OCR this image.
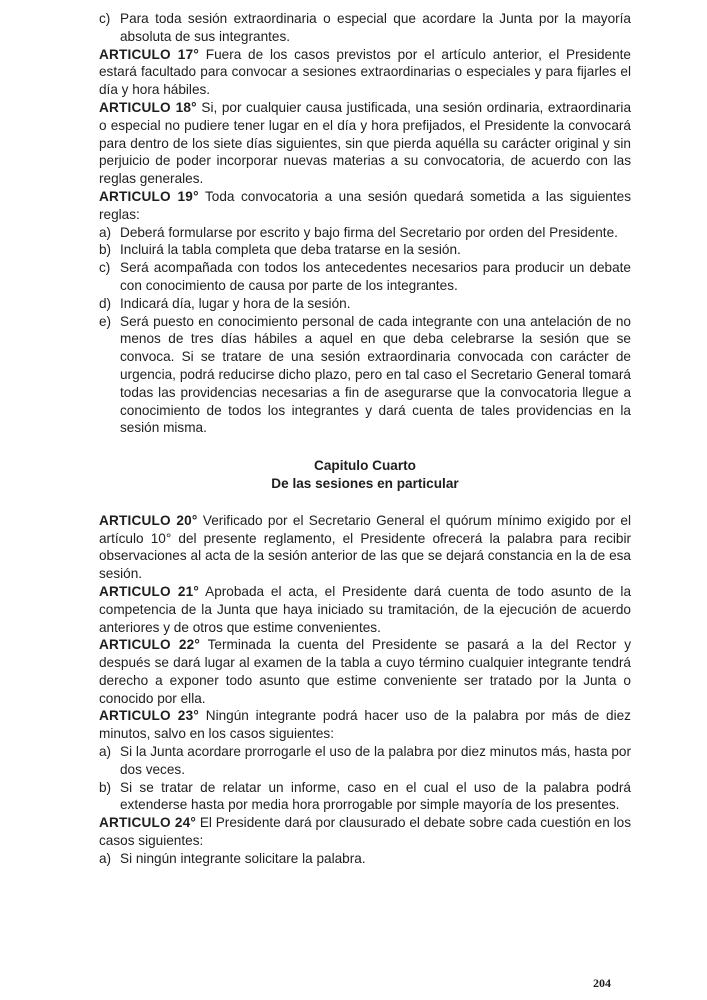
c) Para toda sesión extraordinaria o especial que acordare la Junta por la mayoría absoluta de sus integrantes.

ARTICULO 17° Fuera de los casos previstos por el artículo anterior, el Presidente estará facultado para convocar a sesiones extraordinarias o especiales y para fijarles el día y hora hábiles.

ARTICULO 18° Si, por cualquier causa justificada, una sesión ordinaria, extraordinaria o especial no pudiere tener lugar en el día y hora prefijados, el Presidente la convocará para dentro de los siete días siguientes, sin que pierda aquélla su carácter original y sin perjuicio de poder incorporar nuevas materias a su convocatoria, de acuerdo con las reglas generales.

ARTICULO 19° Toda convocatoria a una sesión quedará sometida a las siguientes reglas:

a) Deberá formularse por escrito y bajo firma del Secretario por orden del Presidente.

b) Incluirá la tabla completa que deba tratarse en la sesión.

c) Será acompañada con todos los antecedentes necesarios para producir un debate con conocimiento de causa por parte de los integrantes.

d) Indicará día, lugar y hora de la sesión.

e) Será puesto en conocimiento personal de cada integrante con una antelación de no menos de tres días hábiles a aquel en que deba celebrarse la sesión que se convoca. Si se tratare de una sesión extraordinaria convocada con carácter de urgencia, podrá reducirse dicho plazo, pero en tal caso el Secretario General tomará todas las providencias necesarias a fin de asegurarse que la convocatoria llegue a conocimiento de todos los integrantes y dará cuenta de tales providencias en la sesión misma.

Capitulo Cuarto

De las sesiones en particular

ARTICULO 20° Verificado por el Secretario General el quórum mínimo exigido por el artículo 10° del presente reglamento, el Presidente ofrecerá la palabra para recibir observaciones al acta de la sesión anterior de las que se dejará constancia en la de esa sesión.

ARTICULO 21° Aprobada el acta, el Presidente dará cuenta de todo asunto de la competencia de la Junta que haya iniciado su tramitación, de la ejecución de acuerdo anteriores y de otros que estime convenientes.

ARTICULO 22° Terminada la cuenta del Presidente se pasará a la del Rector y después se dará lugar al examen de la tabla a cuyo término cualquier integrante tendrá derecho a exponer todo asunto que estime conveniente ser tratado por la Junta o conocido por ella.

ARTICULO 23° Ningún integrante podrá hacer uso de la palabra por más de diez minutos, salvo en los casos siguientes:

a) Si la Junta acordare prorrogarle el uso de la palabra por diez minutos más, hasta por dos veces.

b) Si se tratar de relatar un informe, caso en el cual el uso de la palabra podrá extenderse hasta por media hora prorrogable por simple mayoría de los presentes.

ARTICULO 24° El Presidente dará por clausurado el debate sobre cada cuestión en los casos siguientes:

a) Si ningún integrante solicitare la palabra.

204
